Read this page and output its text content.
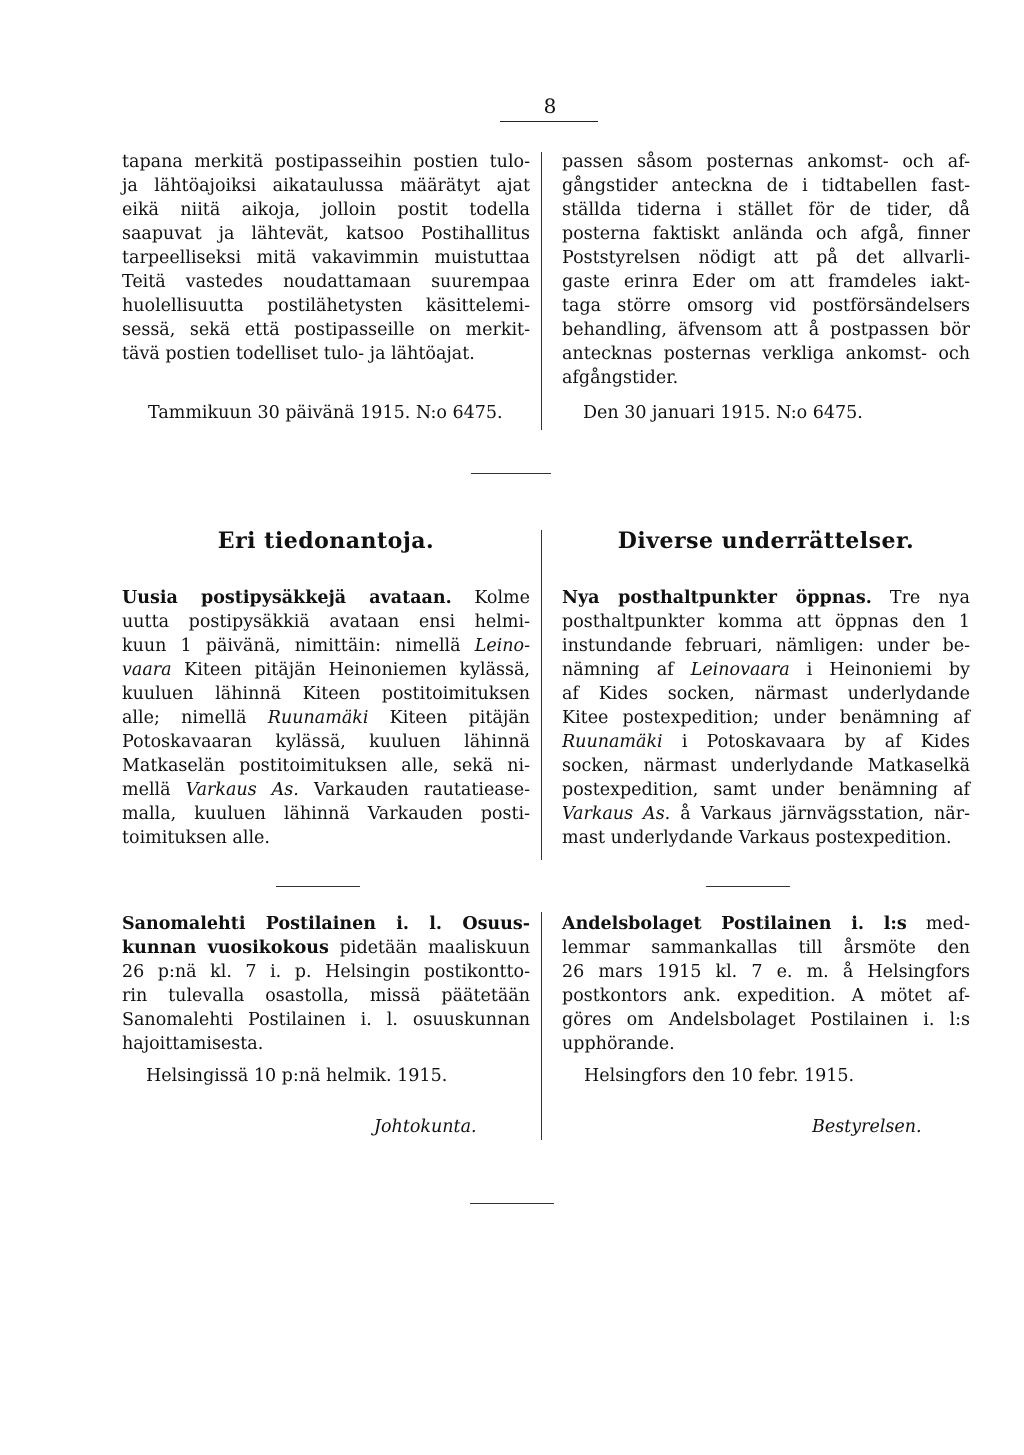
8

tapana merkitä postipasseihin postien tulo-

ja lähtöajoiksi aikataulussa määrätyt ajat

eikä niitä aikoja, jolloin postit todella

saapuvat ja lähtevät, katsoo Postihallitus

tarpeelliseksi mitä vakavimmin muistuttaa

Teitä vastedes noudattamaan suurempaa

huolellisuutta postilähetysten käsittelemi-

sessä, sekä että postipasseille on merkit-

tävä postien todelliset tulo- ja lähtöajat.

Tammikuun 30 päivänä 1915. N:o 6475.

passen såsom posternas ankomst- och af-

gångstider anteckna de i tidtabellen fast-

ställda tiderna i stället för de tider, då

posterna faktiskt anlända och afgå, finner

Poststyrelsen nödigt att på det allvarli-

gaste erinra Eder om att framdeles iakt-

taga större omsorg vid postförsändelsers

behandling, äfvensom att å postpassen bör

antecknas posternas verkliga ankomst- och

afgångstider.

Den 30 januari 1915. N:o 6475.
Eri tiedonantoja.	Diverse underrättelser.

Uusia postipysäkkejä avataan. Kolme

uutta postipysäkkiä avataan ensi helmi-

kuun 1 päivänä, nimittäin: nimellä Leino-

vaara Kiteen pitäjän Heinoniemen kylässä,

kuuluen lähinnä Kiteen postitoimituksen

alle; nimellä Ruunamäki Kiteen pitäjän

Potoskavaaran kylässä, kuuluen lähinnä

Matkaselän postitoimituksen alle, sekä ni-

mellä Varkaus As. Varkauden rautatiease-

malla, kuuluen lähinnä Varkauden posti-

toimituksen alle.

Nya posthaltpunkter öppnas. Tre nya

posthaltpunkter komma att öppnas den 1

instundande februari, nämligen: under be-

nämning af Leinovaara i Heinoniemi by

af Kides socken, närmast underlydande

Kitee postexpedition; under benämning af

Ruunamäki i Potoskavaara by af Kides

socken, närmast underlydande Matkaselkä

postexpedition, samt under benämning af

Varkaus As. å Varkaus järnvägsstation, när-

mast underlydande Varkaus postexpedition.

Sanomalehti Postilainen i. l. Osuus-

kunnan vuosikokous pidetään maaliskuun

26 p:nä kl. 7 i. p. Helsingin postikontto-

rin tulevalla osastolla, missä päätetään

Sanomalehti Postilainen i. l. osuuskunnan

hajoittamisesta.

Andelsbolaget Postilainen i. l:s med-

lemmar sammankallas till årsmöte den

26 mars 1915 kl. 7 e. m. å Helsingfors

postkontors ank. expedition. A mötet af-

göres om Andelsbolaget Postilainen i. l:s

upphörande.

Helsingissä 10 p:nä helmik. 1915.	Helsingfors den 10 febr. 1915.
Johtokunta.	Bestyrelsen.
